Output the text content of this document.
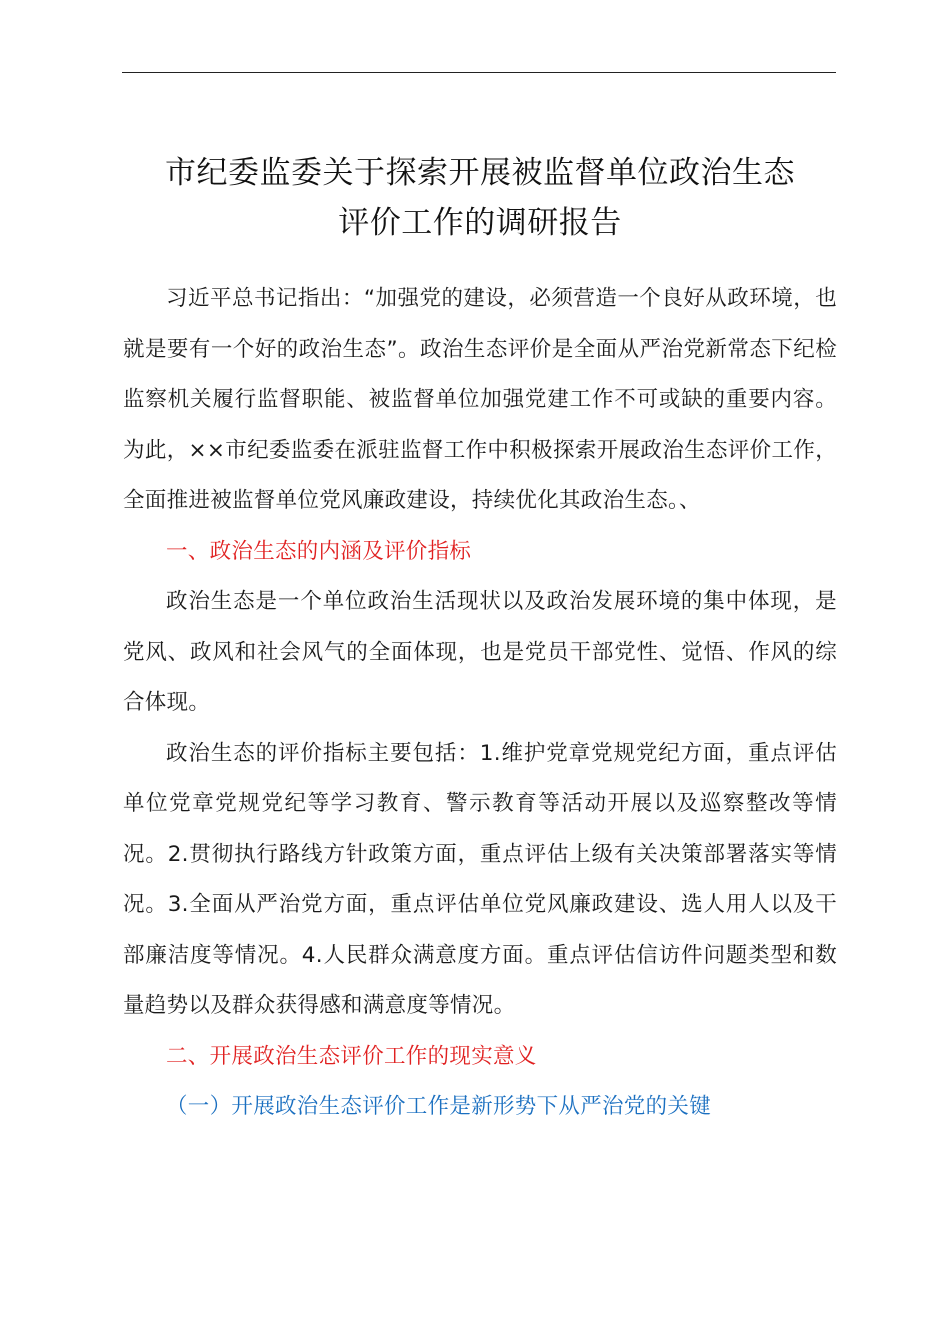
市纪委监委关于探索开展被监督单位政治生态
评价工作的调研报告

习近平总书记指出：“加强党的建设，必须营造一个良好从政环境，也就是要有一个好的政治生态”。政治生态评价是全面从严治党新常态下纪检监察机关履行监督职能、被监督单位加强党建工作不可或缺的重要内容。为此，××市纪委监委在派驻监督工作中积极探索开展政治生态评价工作，全面推进被监督单位党风廉政建设，持续优化其政治生态。、

一、政治生态的内涵及评价指标

政治生态是一个单位政治生活现状以及政治发展环境的集中体现，是党风、政风和社会风气的全面体现，也是党员干部党性、觉悟、作风的综合体现。

政治生态的评价指标主要包括：1.维护党章党规党纪方面，重点评估单位党章党规党纪等学习教育、警示教育等活动开展以及巡察整改等情况。2.贯彻执行路线方针政策方面，重点评估上级有关决策部署落实等情况。3.全面从严治党方面，重点评估单位党风廉政建设、选人用人以及干部廉洁度等情况。4.人民群众满意度方面。重点评估信访件问题类型和数量趋势以及群众获得感和满意度等情况。

二、开展政治生态评价工作的现实意义

（一）开展政治生态评价工作是新形势下从严治党的关键
